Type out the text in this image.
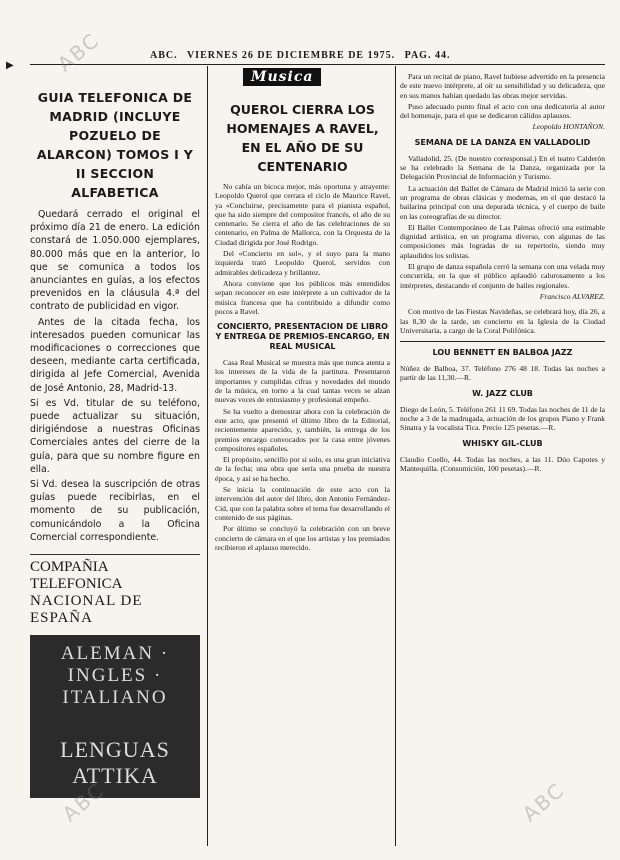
▶
ABC. VIERNES 26 DE DICIEMBRE DE 1975. PAG. 44.
GUIA TELEFONICA DE MADRID (INCLUYE POZUELO DE ALARCON) TOMOS I Y II SECCION ALFABETICA

Quedará cerrado el original el próximo día 21 de enero. La edición constará de 1.050.000 ejemplares, 80.000 más que en la anterior, lo que se comunica a todos los anunciantes en guías, a los efectos prevenidos en la cláusula 4.ª del contrato de publicidad en vigor.

Antes de la citada fecha, los interesados pueden comunicar las modificaciones o correcciones que deseen, mediante carta certificada, dirigida al Jefe Comercial, Avenida de José Antonio, 28, Madrid-13.

Si es Vd. titular de su teléfono, puede actualizar su situación, dirigiéndose a nuestras Oficinas Comerciales antes del cierre de la guía, para que su nombre figure en ella.

Si Vd. desea la suscripción de otras guías puede recibirlas, en el momento de su publicación, comunicándolo a la Oficina Comercial correspondiente.

COMPAÑIA TELEFONICA
NACIONAL DE ESPAÑA
ALEMAN · INGLES · ITALIANO
LENGUAS ATTIKA
Musica
QUEROL CIERRA LOS HOMENAJES A RAVEL, EN EL AÑO DE SU CENTENARIO

No cabía un bicoca mejor, más oportuna y atrayente: Leopoldo Querol que cerrara el ciclo de Maurice Ravel, ya «Concluirse, precisamente para el pianista español, que ha sido siempre del compositor francés, el año de su centenario. Se cierra el año de las celebraciones de su centenario, en Palma de Mallorca, con la Orquesta de la Ciudad dirigida por José Rodrigo.

Del «Concierto en sol», y el suyo para la mano izquierda trató Leopoldo Querol, servidos con admirables delicadeza y brillantez.

Ahora conviene que los públicos más entendidos sepan reconocer en este intérprete a un cultivador de la música francesa que ha contribuido a difundir como pocos a Ravel.

CONCIERTO, PRESENTACION DE LIBRO Y ENTREGA DE PREMIOS-ENCARGO, EN REAL MUSICAL

Casa Real Musical se muestra más que nunca atenta a los intereses de la vida de la partitura. Presentaron importantes y cumplidas cifras y novedades del mundo de la música, en torno a la cual tantas veces se alzan nuevas voces de entusiasmo y profesional empeño.

Se ha vuelto a demostrar ahora con la celebración de este acto, que presentó el último libro de la Editorial, recientemente aparecido, y, también, la entrega de los premios encargo convocados por la casa entre jóvenes compositores españoles.

El propósito, sencillo por sí solo, es una gran iniciativa de la fecha; una obra que sería una prueba de nuestra época, y así se ha hecho.

Se inicia la continuación de este acto con la intervención del autor del libro, don Antonio Fernández-Cid, que con la palabra sobre el tema fue desarrollando el contenido de sus páginas.

Por último se concluyó la celebración con un breve concierto de cámara en el que los artistas y los premiados recibieron el aplauso merecido.

Para un recital de piano, Ravel hubiese advertido en la presencia de este nuevo intérprete, al oír su sensibilidad y su delicadeza, que en sus manos habían quedado las obras mejor servidas.

Puso adecuado punto final el acto con una dedicatoria al autor del homenaje, para el que se dedicaron cálidos aplausos.

Leopoldo HONTAÑON.
SEMANA DE LA DANZA EN VALLADOLID

Valladolid, 25. (De nuestro corresponsal.) En el teatro Calderón se ha celebrado la Semana de la Danza, organizada por la Delegación Provincial de Información y Turismo.

La actuación del Ballet de Cámara de Madrid inició la serie con un programa de obras clásicas y modernas, en el que destacó la bailarina principal con una depurada técnica, y el cuerpo de baile en las coreografías de su director.

El Ballet Contemporáneo de Las Palmas ofreció una estimable dignidad artística, en un programa diverso, con algunas de las composiciones más logradas de su repertorio, siendo muy aplaudidos los solistas.

El grupo de danza española cerró la semana con una velada muy concurrida, en la que el público aplaudió calurosamente a los intérpretes, destacando el conjunto de bailes regionales.

Francisco ALVAREZ.

Con motivo de las Fiestas Navideñas, se celebrará hoy, día 26, a las 8,30 de la tarde, un concierto en la Iglesia de la Ciudad Universitaria, a cargo de la Coral Polifónica.

LOU BENNETT EN BALBOA JAZZ
Núñez de Balboa, 37. Teléfono 276 48 18. Todas las noches a partir de las 11,30.—R.
W. JAZZ CLUB
Diego de León, 5. Teléfono 261 11 69. Todas las noches de 11 de la noche a 3 de la madrugada, actuación de los grupos Piano y Frank Sinatra y la vocalista Tica. Precio 125 pesetas.—R.
WHISKY GIL-CLUB
Claudio Coello, 44. Todas las noches, a las 11. Dúo Capotes y Mantequilla. (Consumición, 100 pesetas).—R.
ABC
ABC	ABC
